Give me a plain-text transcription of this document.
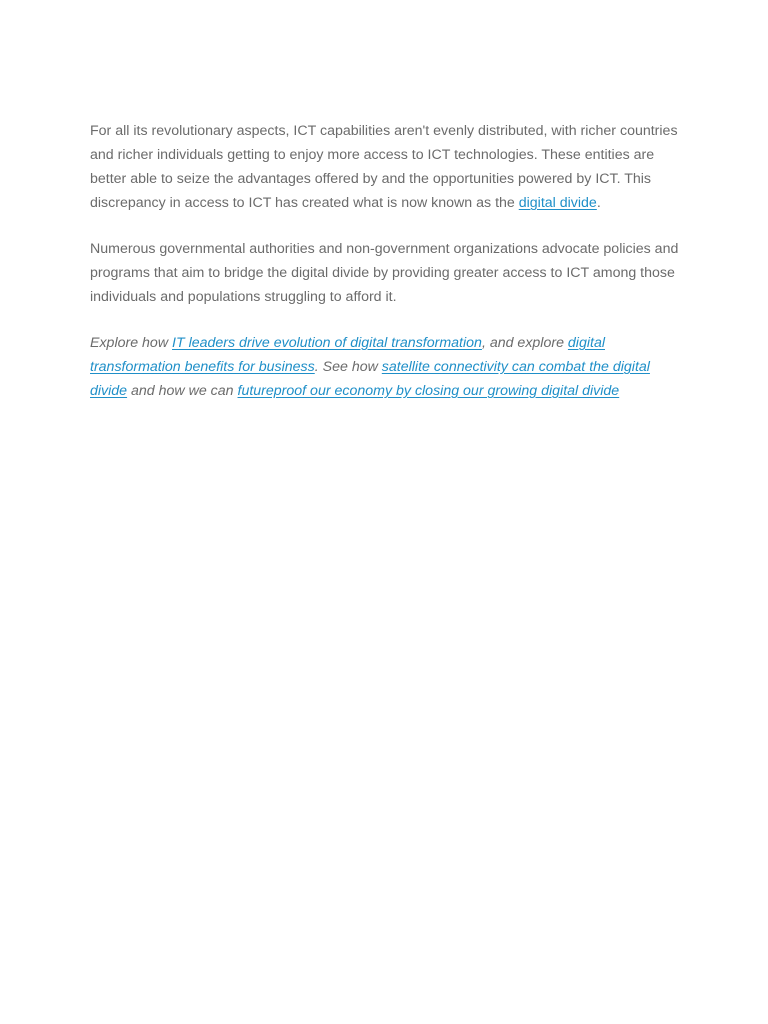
For all its revolutionary aspects, ICT capabilities aren't evenly distributed, with richer countries and richer individuals getting to enjoy more access to ICT technologies. These entities are better able to seize the advantages offered by and the opportunities powered by ICT. This discrepancy in access to ICT has created what is now known as the digital divide.

Numerous governmental authorities and non-government organizations advocate policies and programs that aim to bridge the digital divide by providing greater access to ICT among those individuals and populations struggling to afford it.

Explore how IT leaders drive evolution of digital transformation, and explore digital transformation benefits for business. See how satellite connectivity can combat the digital divide and how we can futureproof our economy by closing our growing digital divide
